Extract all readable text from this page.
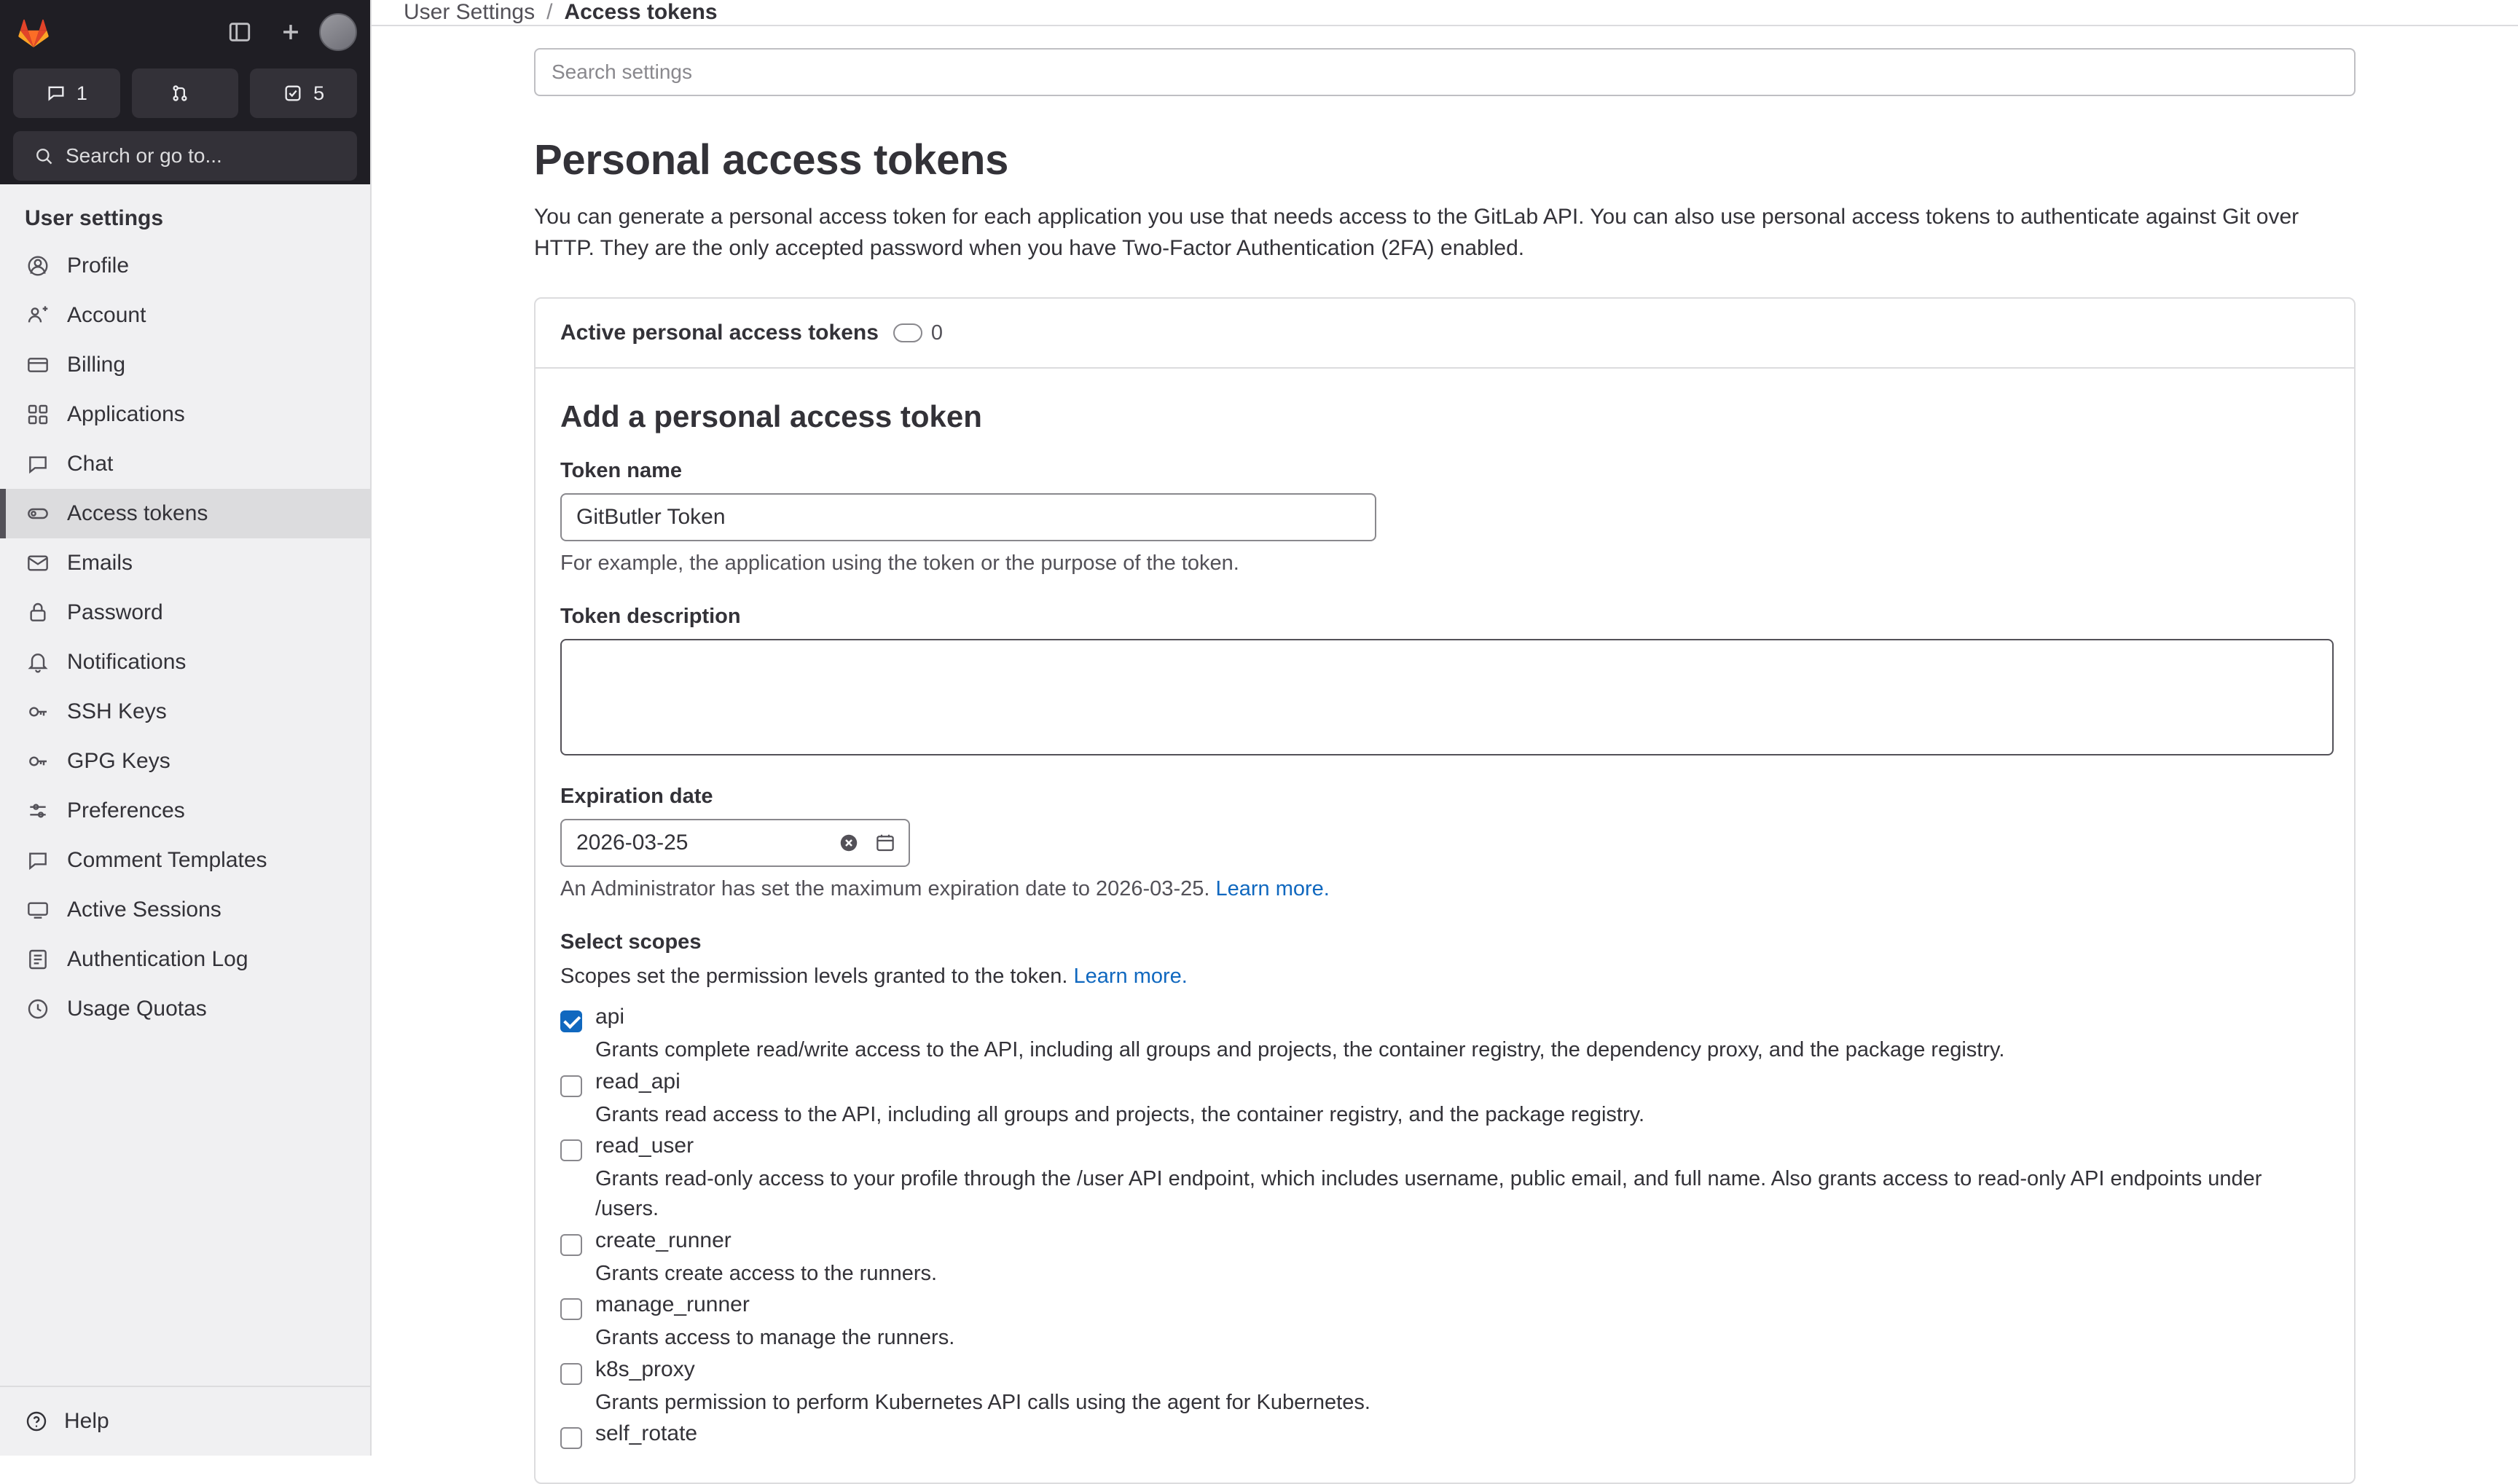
1	5
Search or go to...
User settings
Profile
Account
Billing
Applications
Chat
Access tokens
Emails
Password
Notifications
SSH Keys
GPG Keys
Preferences
Comment Templates
Active Sessions
Authentication Log
Usage Quotas
Help
User Settings / Access tokens
Search settings
Personal access tokens

You can generate a personal access token for each application you use that needs access to the GitLab API. You can also use personal access tokens to authenticate against Git over HTTP. They are the only accepted password when you have Two-Factor Authentication (2FA) enabled.

Active personal access tokens 0
Add a personal access token
Token name
GitButler Token
For example, the application using the token or the purpose of the token.
Token description
Expiration date
2026-03-25
An Administrator has set the maximum expiration date to 2026-03-25. Learn more.
Select scopes
Scopes set the permission levels granted to the token. Learn more.
api
Grants complete read/write access to the API, including all groups and projects, the container registry, the dependency proxy, and the package registry.
read_api
Grants read access to the API, including all groups and projects, the container registry, and the package registry.
read_user
Grants read-only access to your profile through the /user API endpoint, which includes username, public email, and full name. Also grants access to read-only API endpoints under /users.
create_runner
Grants create access to the runners.
manage_runner
Grants access to manage the runners.
k8s_proxy
Grants permission to perform Kubernetes API calls using the agent for Kubernetes.
self_rotate
